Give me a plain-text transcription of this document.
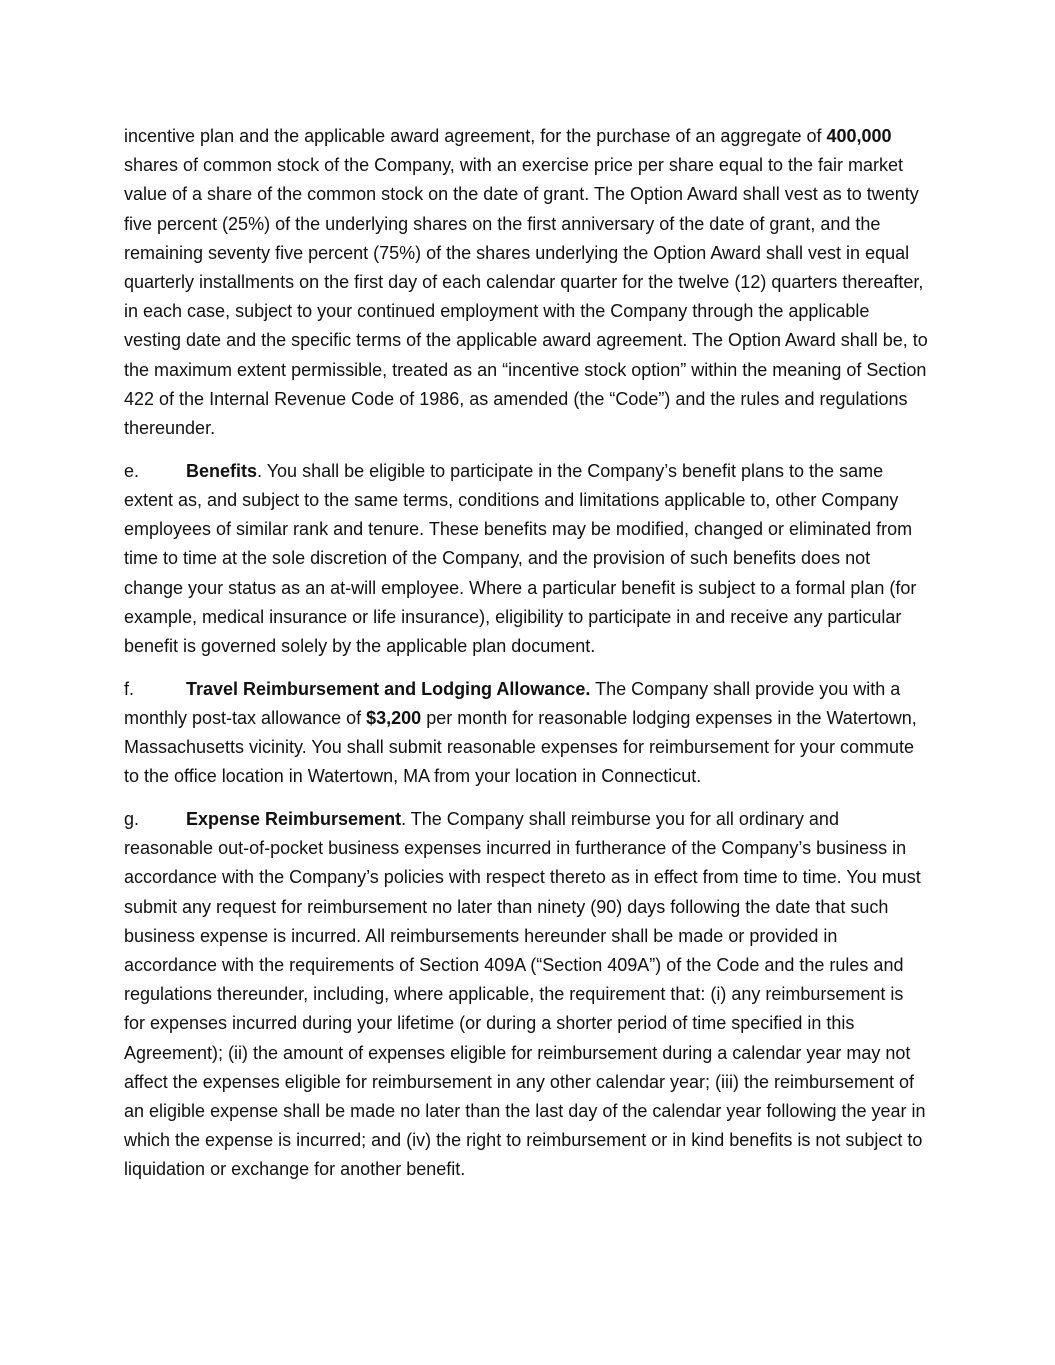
incentive plan and the applicable award agreement, for the purchase of an aggregate of 400,000 shares of common stock of the Company, with an exercise price per share equal to the fair market value of a share of the common stock on the date of grant. The Option Award shall vest as to twenty five percent (25%) of the underlying shares on the first anniversary of the date of grant, and the remaining seventy five percent (75%) of the shares underlying the Option Award shall vest in equal quarterly installments on the first day of each calendar quarter for the twelve (12) quarters thereafter, in each case, subject to your continued employment with the Company through the applicable vesting date and the specific terms of the applicable award agreement. The Option Award shall be, to the maximum extent permissible, treated as an “incentive stock option” within the meaning of Section 422 of the Internal Revenue Code of 1986, as amended (the “Code”) and the rules and regulations thereunder.

e.	Benefits. You shall be eligible to participate in the Company’s benefit plans to the same extent as, and subject to the same terms, conditions and limitations applicable to, other Company employees of similar rank and tenure. These benefits may be modified, changed or eliminated from time to time at the sole discretion of the Company, and the provision of such benefits does not change your status as an at-will employee. Where a particular benefit is subject to a formal plan (for example, medical insurance or life insurance), eligibility to participate in and receive any particular benefit is governed solely by the applicable plan document.

f.	Travel Reimbursement and Lodging Allowance. The Company shall provide you with a monthly post-tax allowance of $3,200 per month for reasonable lodging expenses in the Watertown, Massachusetts vicinity. You shall submit reasonable expenses for reimbursement for your commute to the office location in Watertown, MA from your location in Connecticut.

g.	Expense Reimbursement. The Company shall reimburse you for all ordinary and reasonable out-of-pocket business expenses incurred in furtherance of the Company’s business in accordance with the Company’s policies with respect thereto as in effect from time to time. You must submit any request for reimbursement no later than ninety (90) days following the date that such business expense is incurred. All reimbursements hereunder shall be made or provided in accordance with the requirements of Section 409A (“Section 409A”) of the Code and the rules and regulations thereunder, including, where applicable, the requirement that: (i) any reimbursement is for expenses incurred during your lifetime (or during a shorter period of time specified in this Agreement); (ii) the amount of expenses eligible for reimbursement during a calendar year may not affect the expenses eligible for reimbursement in any other calendar year; (iii) the reimbursement of an eligible expense shall be made no later than the last day of the calendar year following the year in which the expense is incurred; and (iv) the right to reimbursement or in kind benefits is not subject to liquidation or exchange for another benefit.
